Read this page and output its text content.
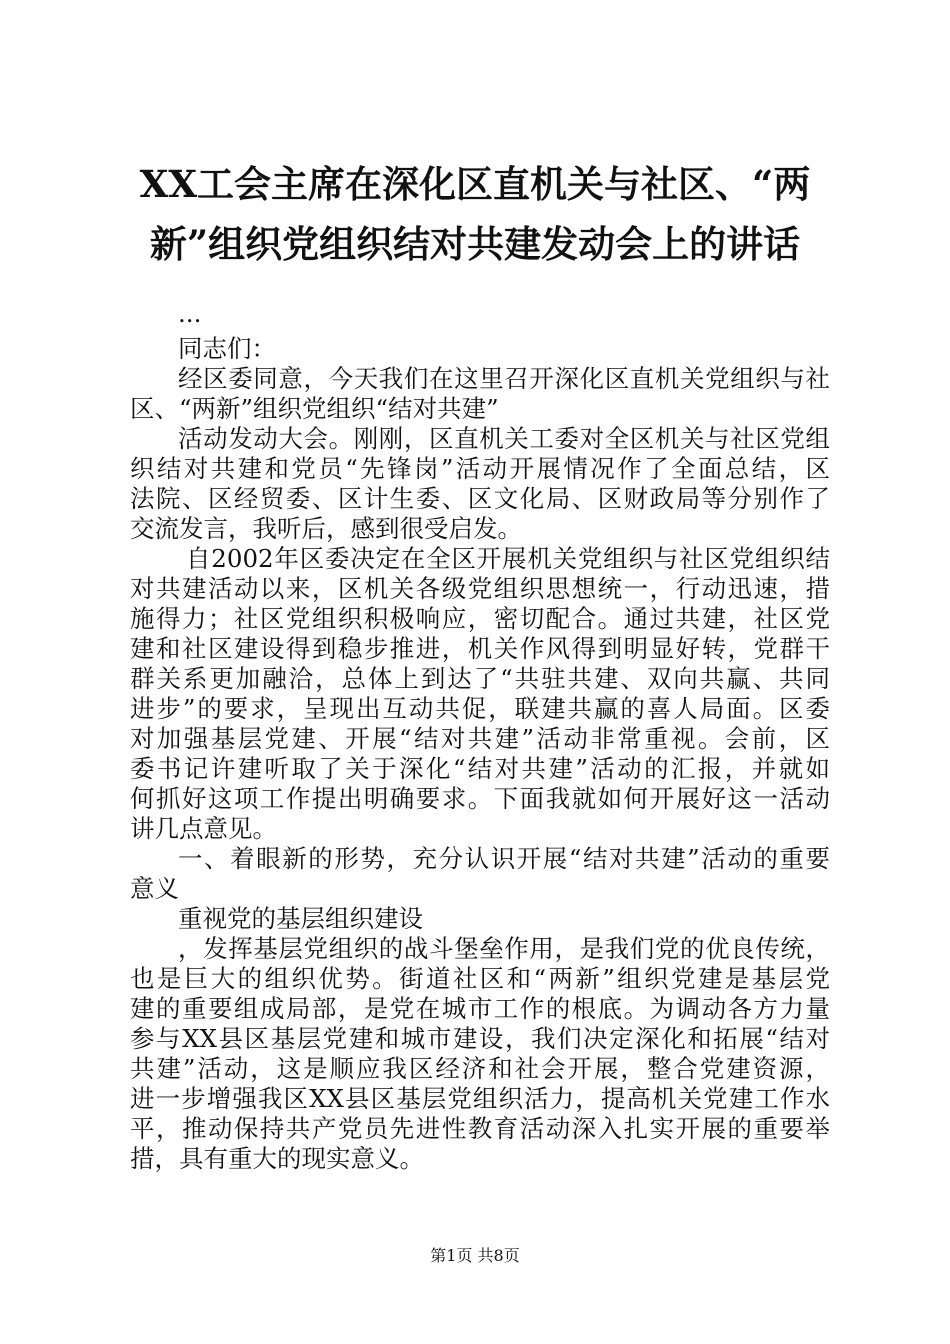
XX工会主席在深化区直机关与社区、“两
新”组织党组织结对共建发动会上的讲话
...
同志们：
经区委同意，今天我们在这里召开深化区直机关党组织与社
区、“两新”组织党组织“结对共建”
活动发动大会。刚刚，区直机关工委对全区机关与社区党组
织结对共建和党员“先锋岗”活动开展情况作了全面总结，区
法院、区经贸委、区计生委、区文化局、区财政局等分别作了
交流发言，我听后，感到很受启发。
自2002年区委决定在全区开展机关党组织与社区党组织结
对共建活动以来，区机关各级党组织思想统一，行动迅速，措
施得力；社区党组织积极响应，密切配合。通过共建，社区党
建和社区建设得到稳步推进，机关作风得到明显好转，党群干
群关系更加融洽，总体上到达了“共驻共建、双向共赢、共同
进步”的要求，呈现出互动共促，联建共赢的喜人局面。区委
对加强基层党建、开展“结对共建”活动非常重视。会前，区
委书记许建听取了关于深化“结对共建”活动的汇报，并就如
何抓好这项工作提出明确要求。下面我就如何开展好这一活动
讲几点意见。
一、着眼新的形势，充分认识开展“结对共建”活动的重要
意义
重视党的基层组织建设
，发挥基层党组织的战斗堡垒作用，是我们党的优良传统，
也是巨大的组织优势。街道社区和“两新”组织党建是基层党
建的重要组成局部，是党在城市工作的根底。为调动各方力量
参与XX县区基层党建和城市建设，我们决定深化和拓展“结对
共建”活动，这是顺应我区经济和社会开展，整合党建资源，
进一步增强我区XX县区基层党组织活力，提高机关党建工作水
平，推动保持共产党员先进性教育活动深入扎实开展的重要举
措，具有重大的现实意义。
第1页 共8页
